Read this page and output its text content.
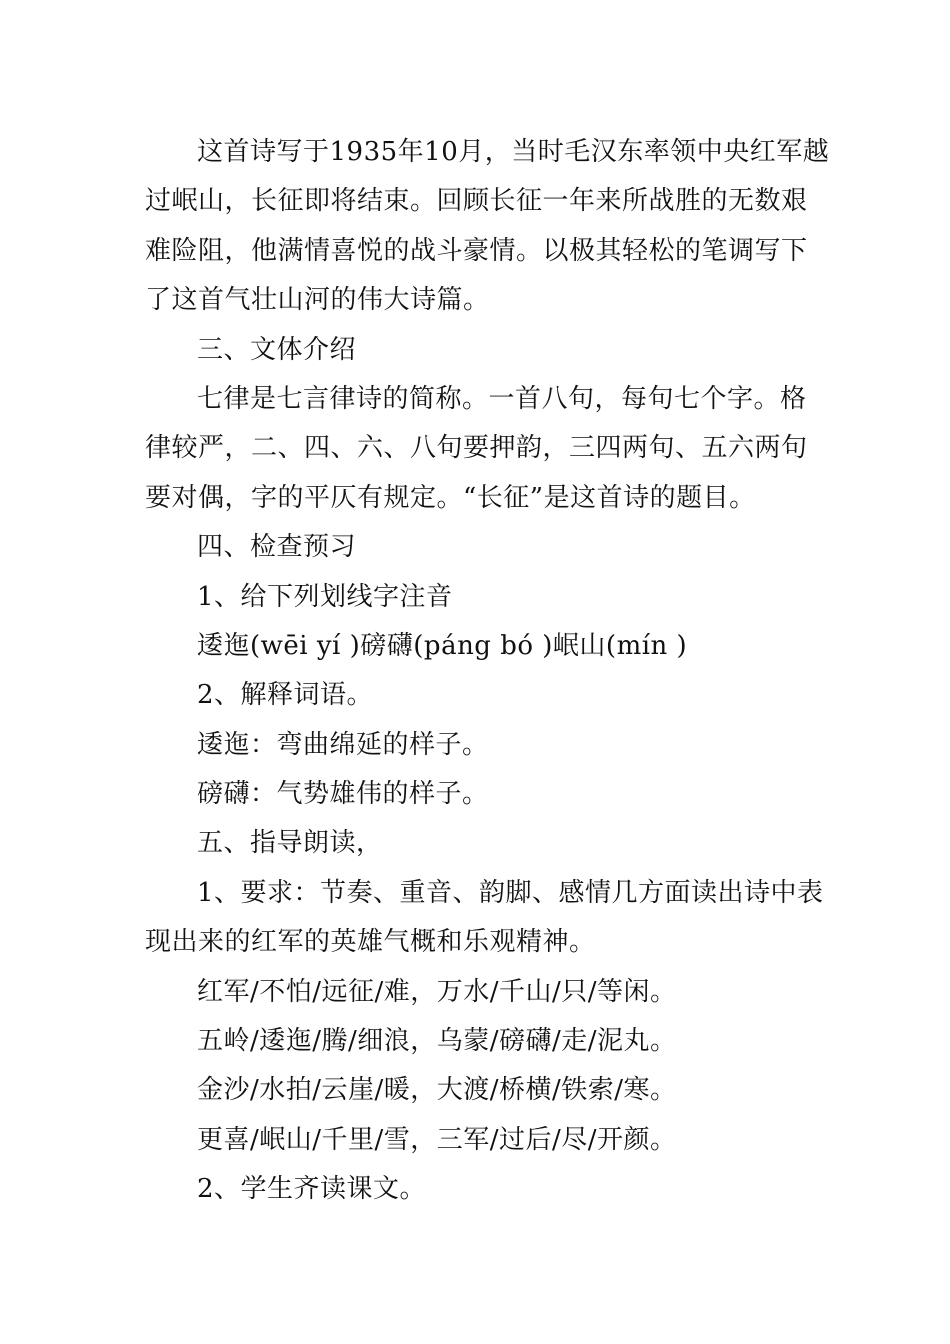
这首诗写于1935年10月，当时毛汉东率领中央红军越
过岷山，长征即将结束。回顾长征一年来所战胜的无数艰
难险阻，他满情喜悦的战斗豪情。以极其轻松的笔调写下
了这首气壮山河的伟大诗篇。
三、文体介绍
七律是七言律诗的简称。一首八句，每句七个字。格
律较严，二、四、六、八句要押韵，三四两句、五六两句
要对偶，字的平仄有规定。“长征”是这首诗的题目。
四、检查预习
1、给下列划线字注音
逶迤(wēi yí )磅礴(páng bó )岷山(mín )
2、解释词语。
逶迤：弯曲绵延的样子。
磅礴：气势雄伟的样子。
五、指导朗读，
1、要求：节奏、重音、韵脚、感情几方面读出诗中表
现出来的红军的英雄气概和乐观精神。
红军/不怕/远征/难，万水/千山/只/等闲。
五岭/逶迤/腾/细浪，乌蒙/磅礴/走/泥丸。
金沙/水拍/云崖/暖，大渡/桥横/铁索/寒。
更喜/岷山/千里/雪，三军/过后/尽/开颜。
2、学生齐读课文。
